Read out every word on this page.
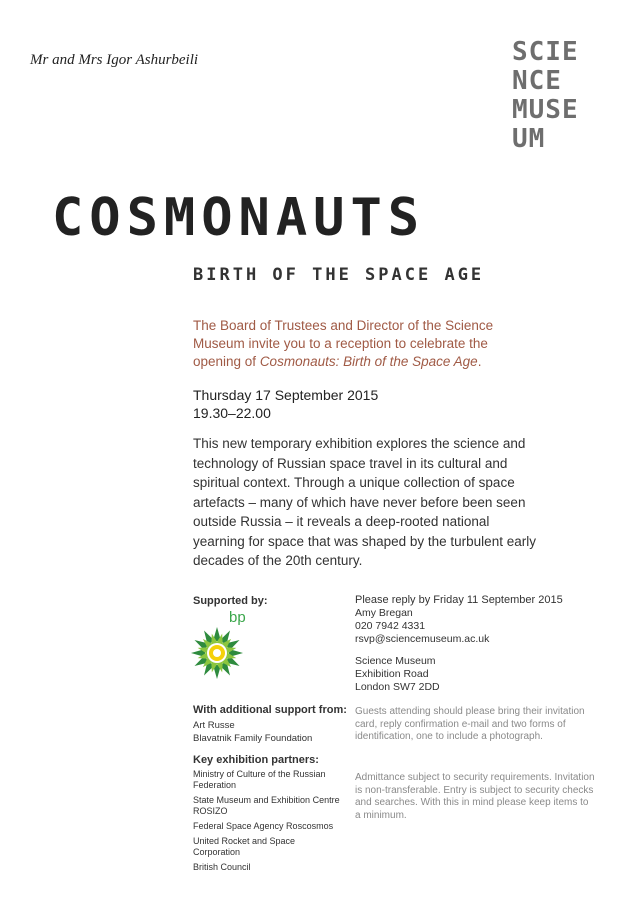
Mr and Mrs Igor Ashurbeili	SCIE
NCE
MUSE
UM
COSMONAUTS
BIRTH OF THE SPACE AGE
The Board of Trustees and Director of the Science Museum invite you to a reception to celebrate the opening of Cosmonauts: Birth of the Space Age.
Thursday 17 September 2015
19.30–22.00
This new temporary exhibition explores the science and technology of Russian space travel in its cultural and spiritual context. Through a unique collection of space artefacts – many of which have never before been seen outside Russia – it reveals a deep-rooted national yearning for space that was shaped by the turbulent early decades of the 20th century.
Supported by:
bp
With additional support from:
Art Russe
Blavatnik Family Foundation
Key exhibition partners:
Ministry of Culture of the Russian Federation
State Museum and Exhibition Centre ROSIZO
Federal Space Agency Roscosmos
United Rocket and Space Corporation
British Council
Please reply by Friday 11 September 2015
Amy Bregan
020 7942 4331
rsvp@sciencemuseum.ac.uk
Science Museum
Exhibition Road
London SW7 2DD
Guests attending should please bring their invitation card, reply confirmation e-mail and two forms of identification, one to include a photograph.
Admittance subject to security requirements. Invitation is non-transferable. Entry is subject to security checks and searches. With this in mind please keep items to a minimum.
